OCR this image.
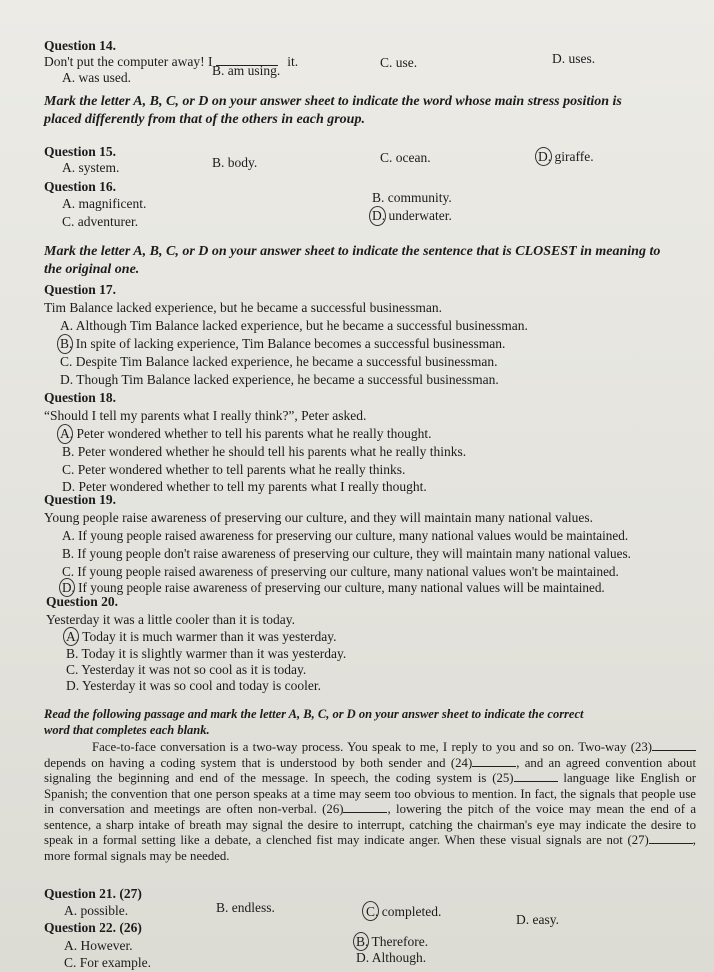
Question 14.
Don't put the computer away! I	it.
A. was used.	B. am using.
C. use.	D. uses.
Mark the letter A, B, C, or D on your answer sheet to indicate the word whose main stress position is
placed differently from that of the others in each group.
Question 15.
A. system.	B. body.	C. ocean.	D. giraffe.
Question 16.
A. magnificent.	B. community.
C. adventurer.	D. underwater.
Mark the letter A, B, C, or D on your answer sheet to indicate the sentence that is CLOSEST in meaning to
the original one.
Question 17.
Tim Balance lacked experience, but he became a successful businessman.
A. Although Tim Balance lacked experience, but he became a successful businessman.
B. In spite of lacking experience, Tim Balance becomes a successful businessman.
C. Despite Tim Balance lacked experience, he became a successful businessman.
D. Though Tim Balance lacked experience, he became a successful businessman.
Question 18.
“Should I tell my parents what I really think?”, Peter asked.
A. Peter wondered whether to tell his parents what he really thought.
B. Peter wondered whether he should tell his parents what he really thinks.
C. Peter wondered whether to tell parents what he really thinks.
D. Peter wondered whether to tell my parents what I really thought.
Question 19.
Young people raise awareness of preserving our culture, and they will maintain many national values.
A. If young people raised awareness for preserving our culture, many national values would be maintained.
B. If young people don't raise awareness of preserving our culture, they will maintain many national values.
C. If young people raised awareness of preserving our culture, many national values won't be maintained.
D. If young people raise awareness of preserving our culture, many national values will be maintained.
Question 20.
Yesterday it was a little cooler than it is today.
A. Today it is much warmer than it was yesterday.
B. Today it is slightly warmer than it was yesterday.
C. Yesterday it was not so cool as it is today.
D. Yesterday it was so cool and today is cooler.
Read the following passage and mark the letter A, B, C, or D on your answer sheet to indicate the correct
word that completes each blank.

Face-to-face conversation is a two-way process. You speak to me, I reply to you and so on. Two-way (23) depends on having a coding system that is understood by both sender and (24)	, and an agreed convention about signaling the beginning and end of the message. In speech, the coding system is (25)	language like English or Spanish; the convention that one person speaks at a time may seem too obvious to mention. In fact, the signals that people use in conversation and meetings are often non-verbal. (26)	, lowering the pitch of the voice may mean the end of a sentence, a sharp intake of breath may signal the desire to interrupt, catching the chairman's eye may indicate the desire to speak in a formal setting like a debate, a clenched fist may indicate anger. When these visual signals are not (27)	, more formal signals may be needed.

Question 21. (27)
A. possible.	B. endless.	C. completed.
D. easy.
Question 22. (26)
A. However.
C. For example.
B. Therefore.
D. Although.
